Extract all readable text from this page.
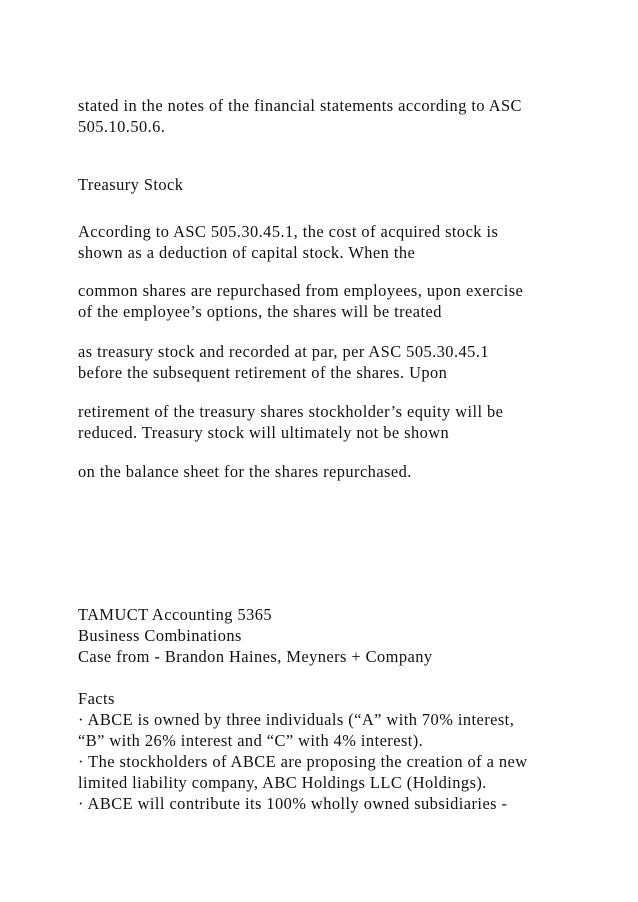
stated in the notes of the financial statements according to ASC
505.10.50.6.
Treasury Stock
According to ASC 505.30.45.1, the cost of acquired stock is
shown as a deduction of capital stock. When the
common shares are repurchased from employees, upon exercise
of the employee’s options, the shares will be treated
as treasury stock and recorded at par, per ASC 505.30.45.1
before the subsequent retirement of the shares. Upon
retirement of the treasury shares stockholder’s equity will be
reduced. Treasury stock will ultimately not be shown
on the balance sheet for the shares repurchased.
TAMUCT Accounting 5365
Business Combinations
Case from - Brandon Haines, Meyners + Company
Facts
· ABCE is owned by three individuals (“A” with 70% interest,
“B” with 26% interest and “C” with 4% interest).
· The stockholders of ABCE are proposing the creation of a new
limited liability company, ABC Holdings LLC (Holdings).
· ABCE will contribute its 100% wholly owned subsidiaries -
